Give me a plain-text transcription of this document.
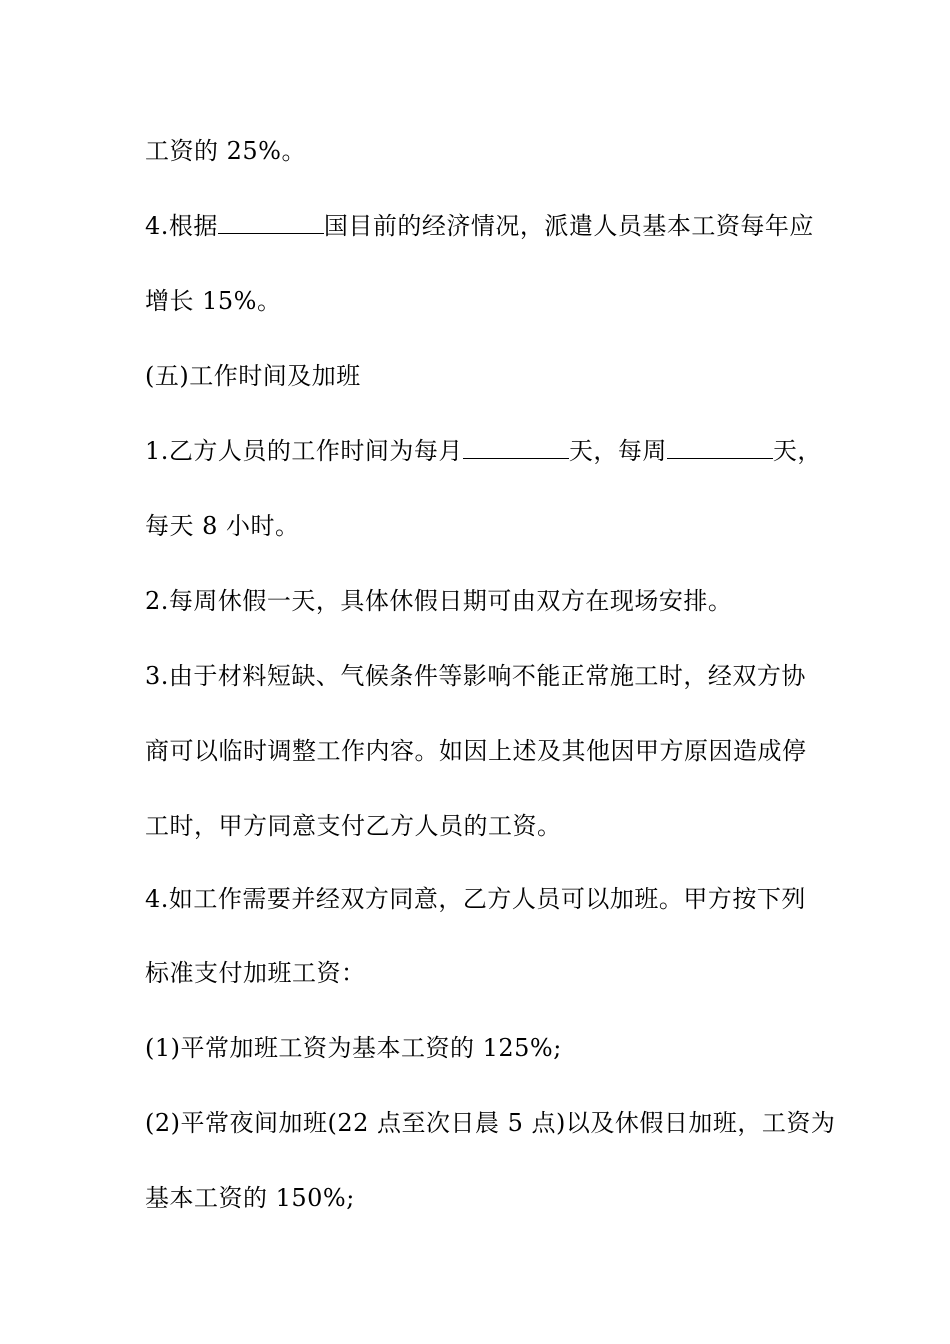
工资的 25%。
4.根据	国目前的经济情况，派遣人员基本工资每年应
增长 15%。
(五)工作时间及加班
1.乙方人员的工作时间为每月	天，每周	天，
每天 8 小时。
2.每周休假一天，具体休假日期可由双方在现场安排。
3.由于材料短缺、气候条件等影响不能正常施工时，经双方协
商可以临时调整工作内容。如因上述及其他因甲方原因造成停
工时，甲方同意支付乙方人员的工资。
4.如工作需要并经双方同意，乙方人员可以加班。甲方按下列
标准支付加班工资：
(1)平常加班工资为基本工资的 125%;
(2)平常夜间加班(22 点至次日晨 5 点)以及休假日加班，工资为
基本工资的 150%;
